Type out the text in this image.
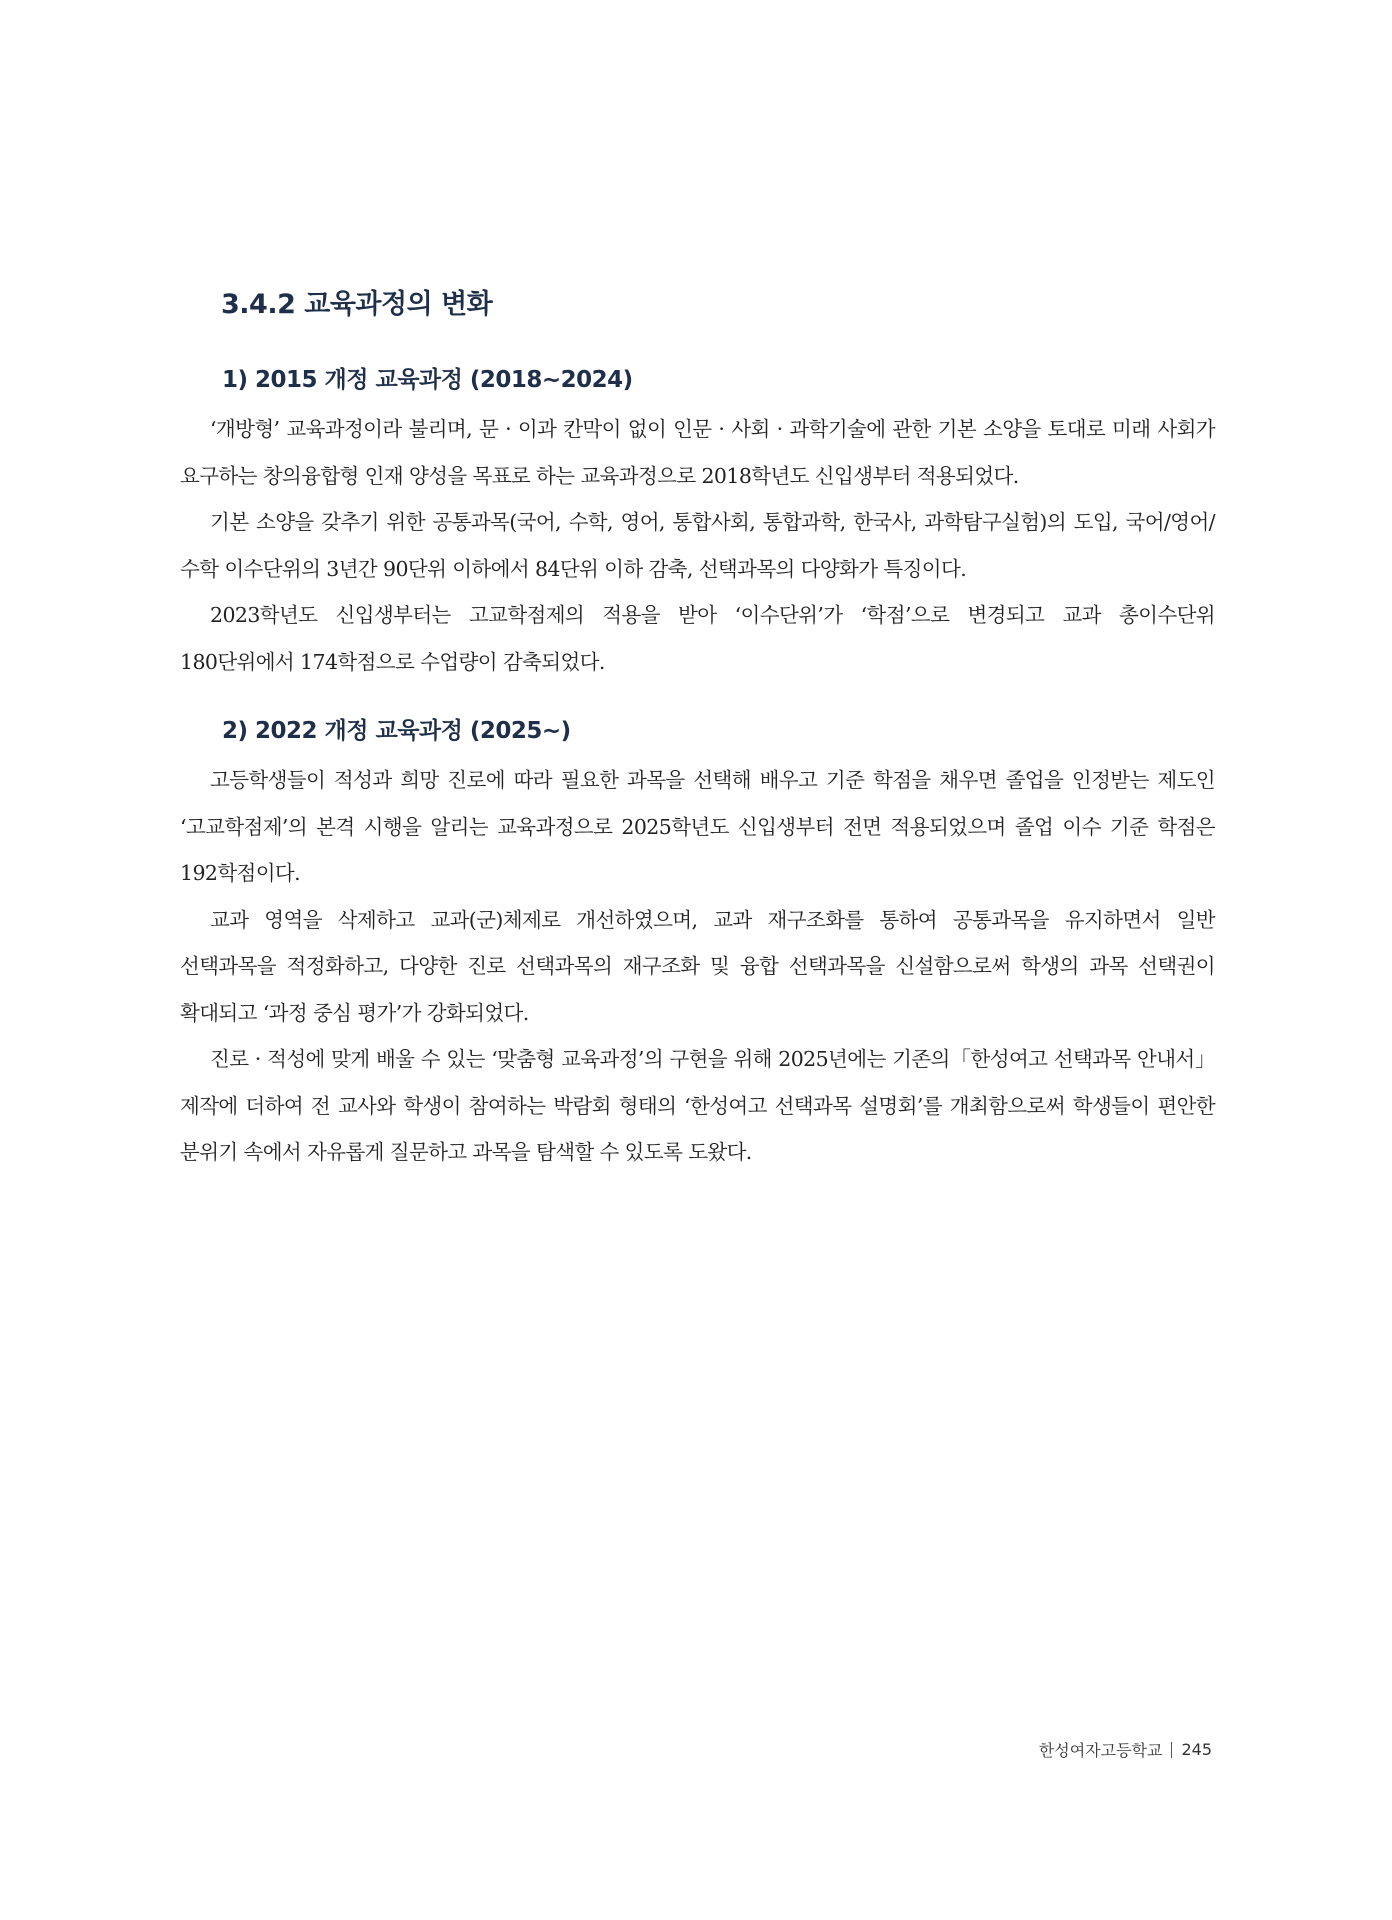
3.4.2 교육과정의 변화
1) 2015 개정 교육과정 (2018~2024)

‘개방형’ 교육과정이라 불리며, 문 · 이과 칸막이 없이 인문 · 사회 · 과학기술에 관한 기본 소양을 토대로 미래 사회가 요구하는 창의융합형 인재 양성을 목표로 하는 교육과정으로 2018학년도 신입생부터 적용되었다.

기본 소양을 갖추기 위한 공통과목(국어, 수학, 영어, 통합사회, 통합과학, 한국사, 과학탐구실험)의 도입, 국어/영어/수학 이수단위의 3년간 90단위 이하에서 84단위 이하 감축, 선택과목의 다양화가 특징이다.

2023학년도 신입생부터는 고교학점제의 적용을 받아 ‘이수단위’가 ‘학점’으로 변경되고 교과 총이수단위 180단위에서 174학점으로 수업량이 감축되었다.

2) 2022 개정 교육과정 (2025~)

고등학생들이 적성과 희망 진로에 따라 필요한 과목을 선택해 배우고 기준 학점을 채우면 졸업을 인정받는 제도인 ‘고교학점제’의 본격 시행을 알리는 교육과정으로 2025학년도 신입생부터 전면 적용되었으며 졸업 이수 기준 학점은 192학점이다.

교과 영역을 삭제하고 교과(군)체제로 개선하였으며, 교과 재구조화를 통하여 공통과목을 유지하면서 일반 선택과목을 적정화하고, 다양한 진로 선택과목의 재구조화 및 융합 선택과목을 신설함으로써 학생의 과목 선택권이 확대되고 ‘과정 중심 평가’가 강화되었다.

진로 · 적성에 맞게 배울 수 있는 ‘맞춤형 교육과정’의 구현을 위해 2025년에는 기존의「한성여고 선택과목 안내서」제작에 더하여 전 교사와 학생이 참여하는 박람회 형태의 ‘한성여고 선택과목 설명회’를 개최함으로써 학생들이 편안한 분위기 속에서 자유롭게 질문하고 과목을 탐색할 수 있도록 도왔다.

한성여자고등학교 245
